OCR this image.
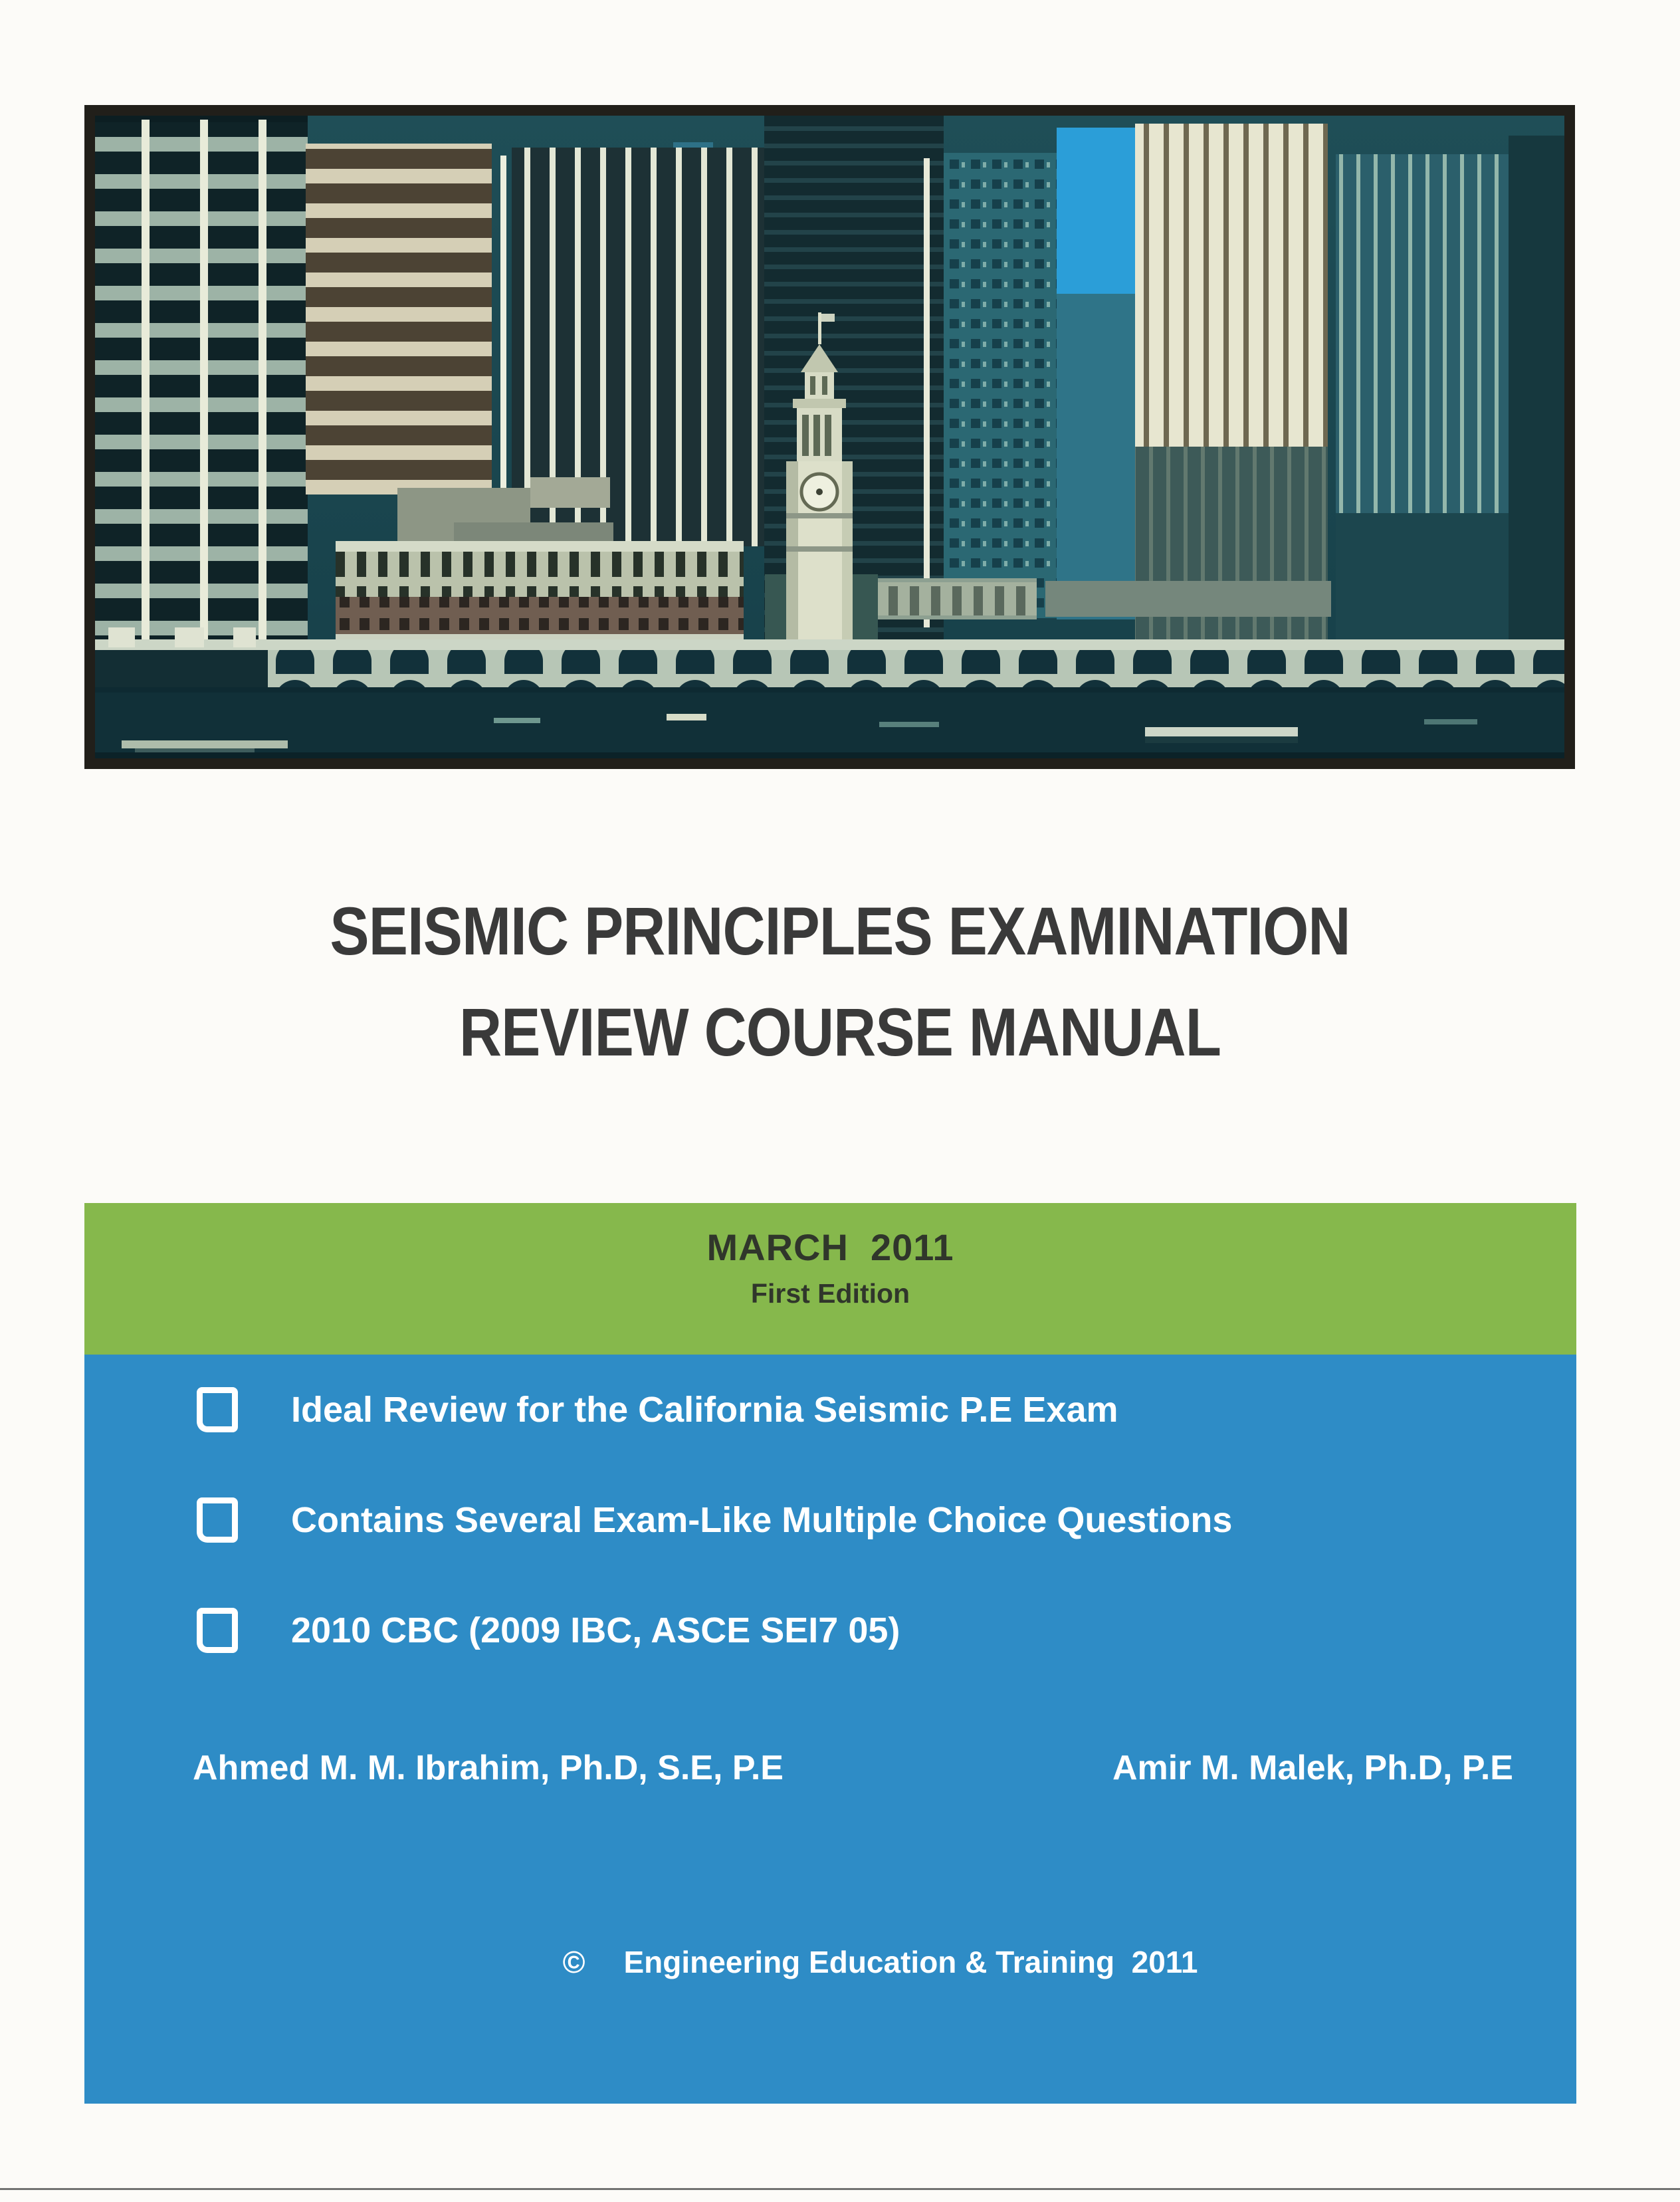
SEISMIC PRINCIPLES EXAMINATION
REVIEW COURSE MANUAL
MARCH  2011
First Edition
Ideal Review for the California Seismic P.E Exam
Contains Several Exam-Like Multiple Choice Questions
2010 CBC (2009 IBC, ASCE SEI7 05)
Ahmed M. M. Ibrahim, Ph.D, S.E, P.E	Amir M. Malek, Ph.D, P.E
© Engineering Education & Training  2011
